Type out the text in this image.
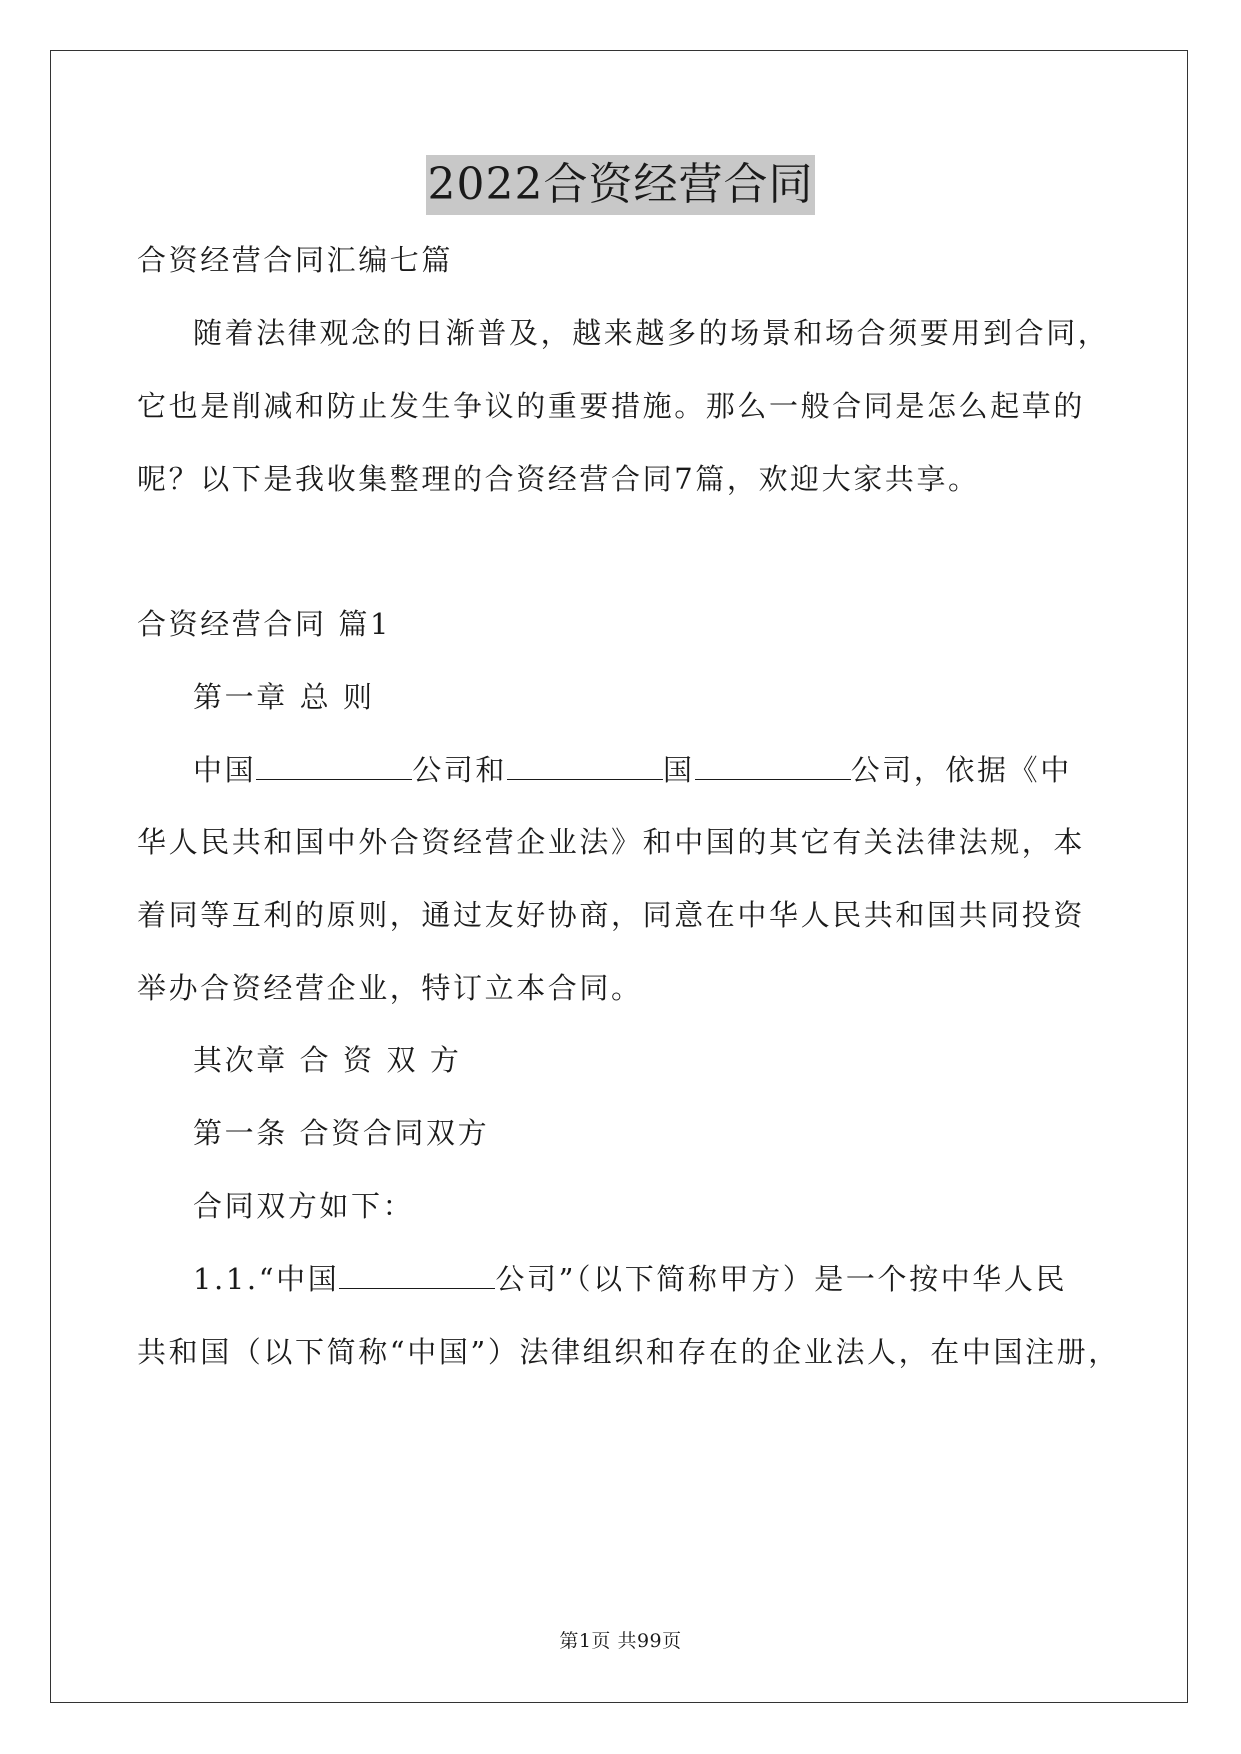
2022合资经营合同
合资经营合同汇编七篇
随着法律观念的日渐普及，越来越多的场景和场合须要用到合同，
它也是削减和防止发生争议的重要措施。那么一般合同是怎么起草的
呢？以下是我收集整理的合资经营合同7篇，欢迎大家共享。
合资经营合同 篇1
第一章 总 则
中国	公司和	国	公司，依据《中
华人民共和国中外合资经营企业法》和中国的其它有关法律法规，本
着同等互利的原则，通过友好协商，同意在中华人民共和国共同投资
举办合资经营企业，特订立本合同。
其次章 合 资 双 方
第一条 合资合同双方
合同双方如下：
1.1.“中国	公司”（以下简称甲方）是一个按中华人民
共和国（以下简称“中国”）法律组织和存在的企业法人，在中国注册，
第1页 共99页
